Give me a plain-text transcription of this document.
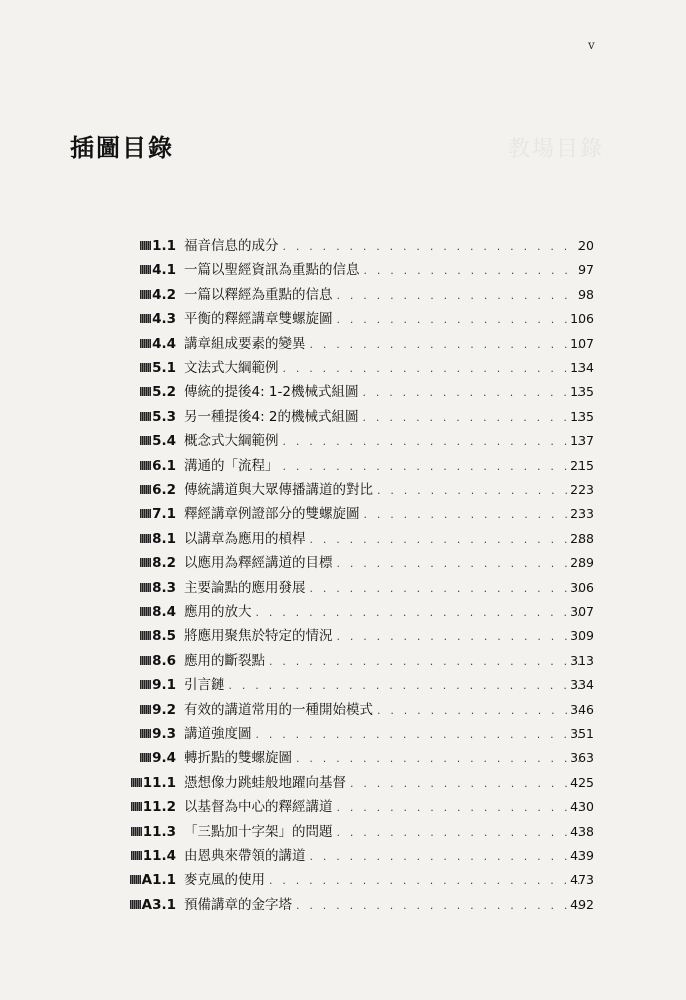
v
教場目錄
插圖目錄
1.1 福音信息的成分 . . .	20
4.1 一篇以聖經資訊為重點的信息 . . .	97
4.2 一篇以釋經為重點的信息 . . .	98
4.3 平衡的釋經講章雙螺旋圖 . . .	106
4.4 講章組成要素的變異 . . .	107
5.1 文法式大綱範例 . . .	134
5.2 傳統的提後4: 1-2機械式組圖 . . .	135
5.3 另一種提後4: 2的機械式組圖 . . .	135
5.4 概念式大綱範例 . . .	137
6.1 溝通的「流程」 . . .	215
6.2 傳統講道與大眾傳播講道的對比 . . .	223
7.1 釋經講章例證部分的雙螺旋圖 . . .	233
8.1 以講章為應用的槓桿 . . .	288
8.2 以應用為釋經講道的目標 . . .	289
8.3 主要論點的應用發展 . . .	306
8.4 應用的放大 . . .	307
8.5 將應用聚焦於特定的情況 . . .	309
8.6 應用的斷裂點 . . .	313
9.1 引言鏈 . . .	334
9.2 有效的講道常用的一種開始模式 . . .	346
9.3 講道強度圖 . . .	351
9.4 轉折點的雙螺旋圖 . . .	363
11.1 憑想像力跳蛙般地躍向基督 . . .	425
11.2 以基督為中心的釋經講道 . . .	430
11.3 「三點加十字架」的問題 . . .	438
11.4 由恩典來帶領的講道 . . .	439
A1.1 麥克風的使用 . . .	473
A3.1 預備講章的金字塔 . . .	492
